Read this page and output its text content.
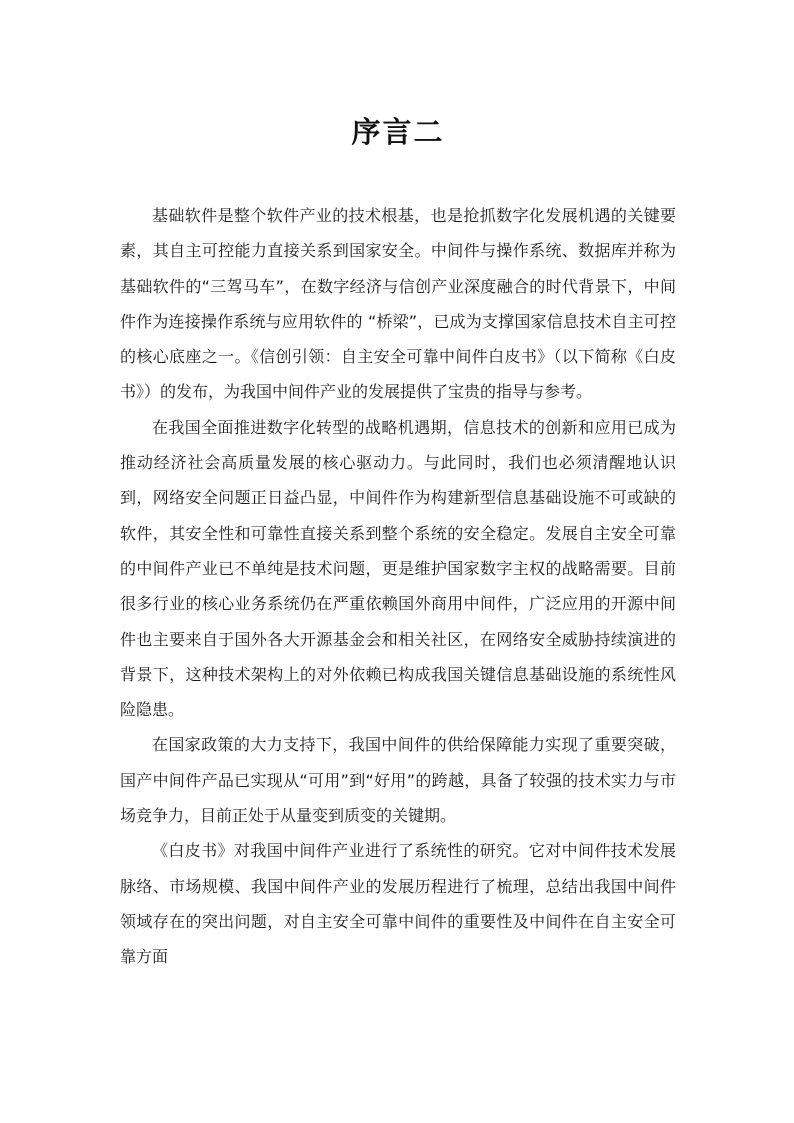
序言二

基础软件是整个软件产业的技术根基，也是抢抓数字化发展机遇的关键要素，其自主可控能力直接关系到国家安全。中间件与操作系统、数据库并称为基础软件的“三驾马车”，在数字经济与信创产业深度融合的时代背景下，中间件作为连接操作系统与应用软件的 “桥梁”，已成为支撑国家信息技术自主可控的核心底座之一。《信创引领：自主安全可靠中间件白皮书》（以下简称《白皮书》）的发布，为我国中间件产业的发展提供了宝贵的指导与参考。

在我国全面推进数字化转型的战略机遇期，信息技术的创新和应用已成为推动经济社会高质量发展的核心驱动力。与此同时，我们也必须清醒地认识到，网络安全问题正日益凸显，中间件作为构建新型信息基础设施不可或缺的软件，其安全性和可靠性直接关系到整个系统的安全稳定。发展自主安全可靠的中间件产业已不单纯是技术问题，更是维护国家数字主权的战略需要。目前很多行业的核心业务系统仍在严重依赖国外商用中间件，广泛应用的开源中间件也主要来自于国外各大开源基金会和相关社区，在网络安全威胁持续演进的背景下，这种技术架构上的对外依赖已构成我国关键信息基础设施的系统性风险隐患。

在国家政策的大力支持下，我国中间件的供给保障能力实现了重要突破，国产中间件产品已实现从“可用”到“好用”的跨越，具备了较强的技术实力与市场竞争力，目前正处于从量变到质变的关键期。

《白皮书》对我国中间件产业进行了系统性的研究。它对中间件技术发展脉络、市场规模、我国中间件产业的发展历程进行了梳理，总结出我国中间件领域存在的突出问题，对自主安全可靠中间件的重要性及中间件在自主安全可靠方面
